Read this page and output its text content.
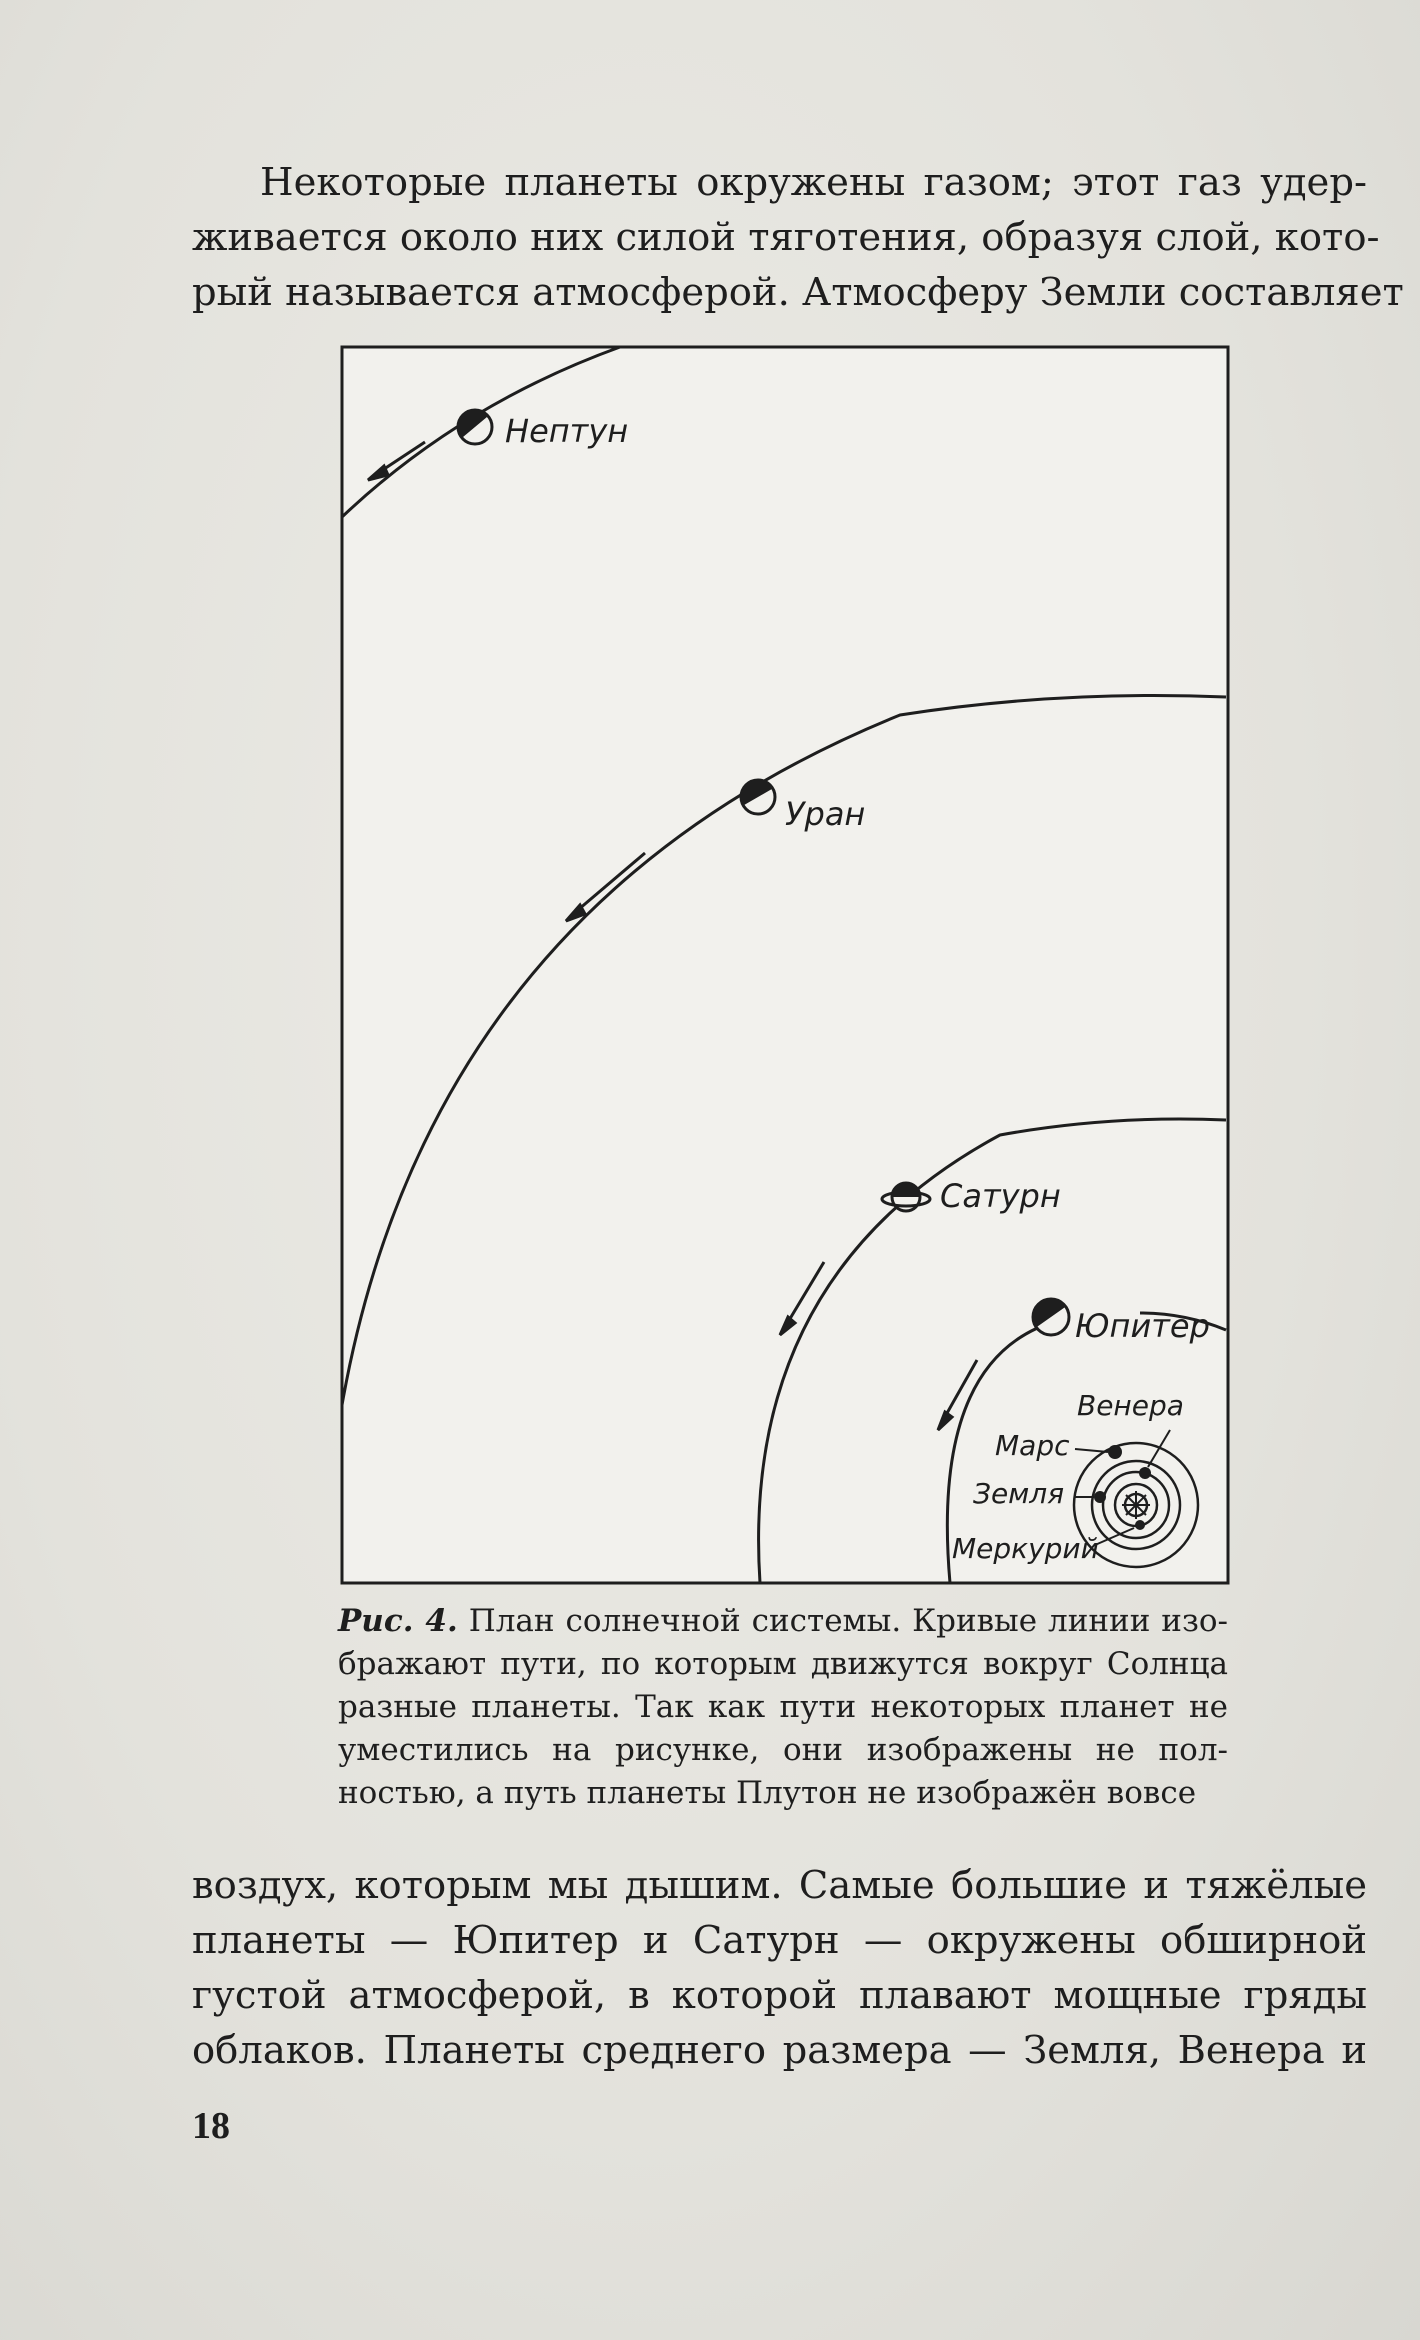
Некоторые планеты окружены газом; этот газ удер-
живается около них силой тяготения, образуя слой, кото-
рый называется атмосферой. Атмосферу Земли составляет
Нептун
Уран
Сатурн
Юпитер
Венера
Марс
Земля
Меркурий
Рис. 4. План солнечной системы. Кривые линии изо-
бражают пути, по которым движутся вокруг Солнца
разные планеты. Так как пути некоторых планет не
уместились на рисунке, они изображены не пол-
ностью, а путь планеты Плутон не изображён вовсе
воздух, которым мы дышим. Самые большие и тяжёлые
планеты — Юпитер и Сатурн — окружены обширной
густой атмосферой, в которой плавают мощные гряды
облаков. Планеты среднего размера — Земля, Венера и
18
